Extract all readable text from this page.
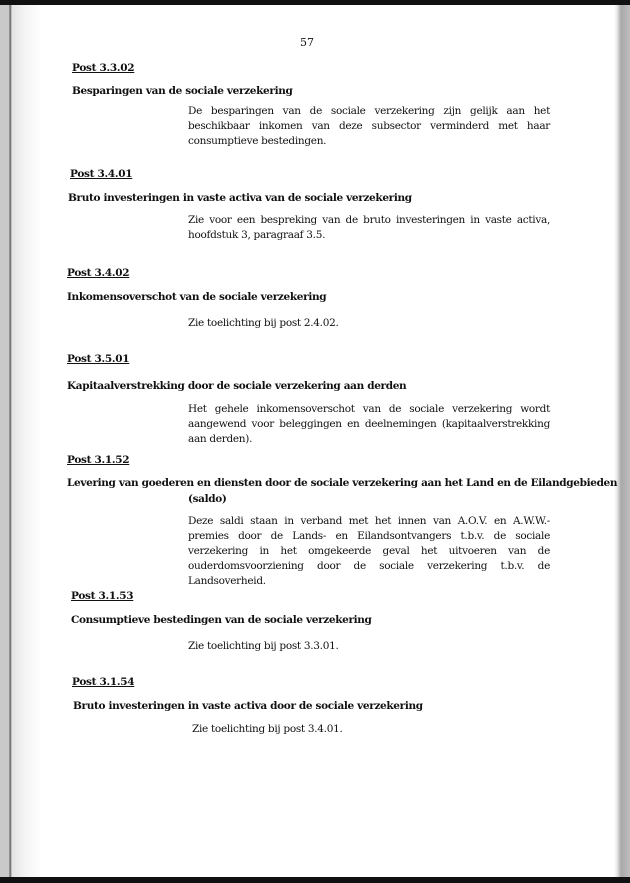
57
Post 3.3.02
Besparingen van de sociale verzekering
De besparingen van de sociale verzekering zijn gelijk aan het beschikbaar inkomen van deze subsector verminderd met haar consumptieve bestedingen.
Post 3.4.01
Bruto investeringen in vaste activa van de sociale verzekering
Zie voor een bespreking van de bruto investeringen in vaste activa, hoofdstuk 3, paragraaf 3.5.
Post 3.4.02
Inkomensoverschot van de sociale verzekering
Zie toelichting bij post 2.4.02.
Post 3.5.01
Kapitaalverstrekking door de sociale verzekering aan derden
Het gehele inkomensoverschot van de sociale verzekering wordt aangewend voor beleggingen en deelnemingen (kapitaalverstrekking aan derden).
Post 3.1.52
Levering van goederen en diensten door de sociale verzekering aan het Land en de Eilandgebieden
(saldo)
Deze saldi staan in verband met het innen van A.O.V. en A.W.W.-premies door de Lands- en Eilandsontvangers t.b.v. de sociale verzekering in het omgekeerde geval het uitvoeren van de ouderdomsvoorziening door de sociale verzekering t.b.v. de Landsoverheid.
Post 3.1.53
Consumptieve bestedingen van de sociale verzekering
Zie toelichting bij post 3.3.01.
Post 3.1.54
Bruto investeringen in vaste activa door de sociale verzekering
Zie toelichting bij post 3.4.01.
